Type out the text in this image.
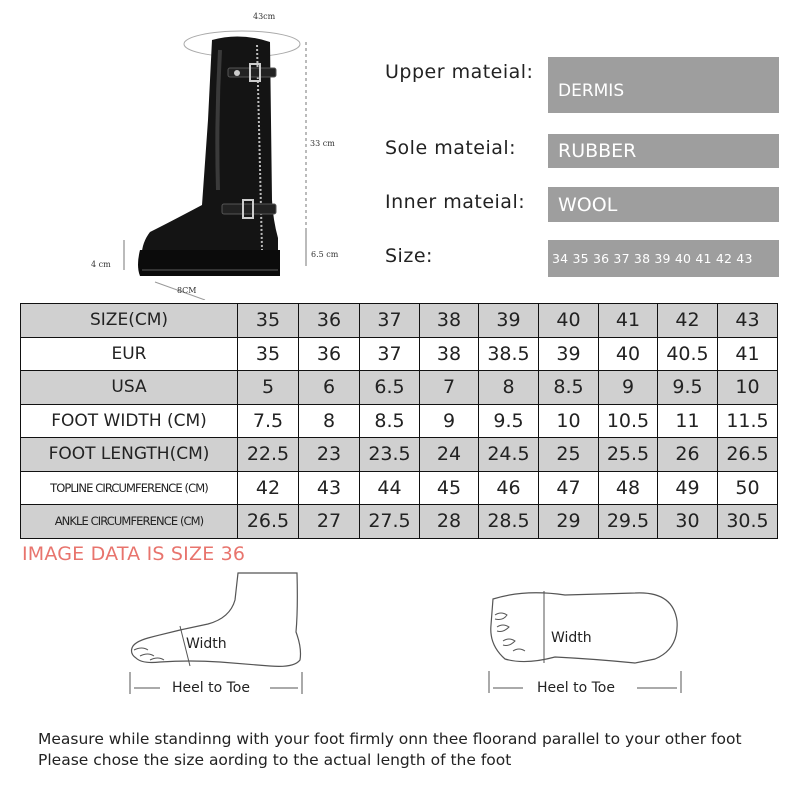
43cm
33 cm
4 cm
6.5 cm
8CM
Upper mateial:
DERMIS
Sole mateial:	RUBBER
Inner mateial:	WOOL
Size:	34 35 36 37 38 39 40 41 42 43
SIZE(CM)	35	36	37	38	39	40	41	42	43
EUR	35	36	37	38	38.5	39	40	40.5	41
USA	5	6	6.5	7	8	8.5	9	9.5	10
FOOT WIDTH (CM)	7.5	8	8.5	9	9.5	10	10.5	11	11.5
FOOT LENGTH(CM)	22.5	23	23.5	24	24.5	25	25.5	26	26.5
TOPLINE CIRCUMFERENCE (CM)	42	43	44	45	46	47	48	49	50
ANKLE CIRCUMFERENCE (CM)	26.5	27	27.5	28	28.5	29	29.5	30	30.5
IMAGE DATA IS SIZE 36
Width
Heel to Toe
Width
Heel to Toe
Measure while standinng with your foot firmly onn thee floorand parallel to your other foot
Please chose the size aording to the actual length of the foot
